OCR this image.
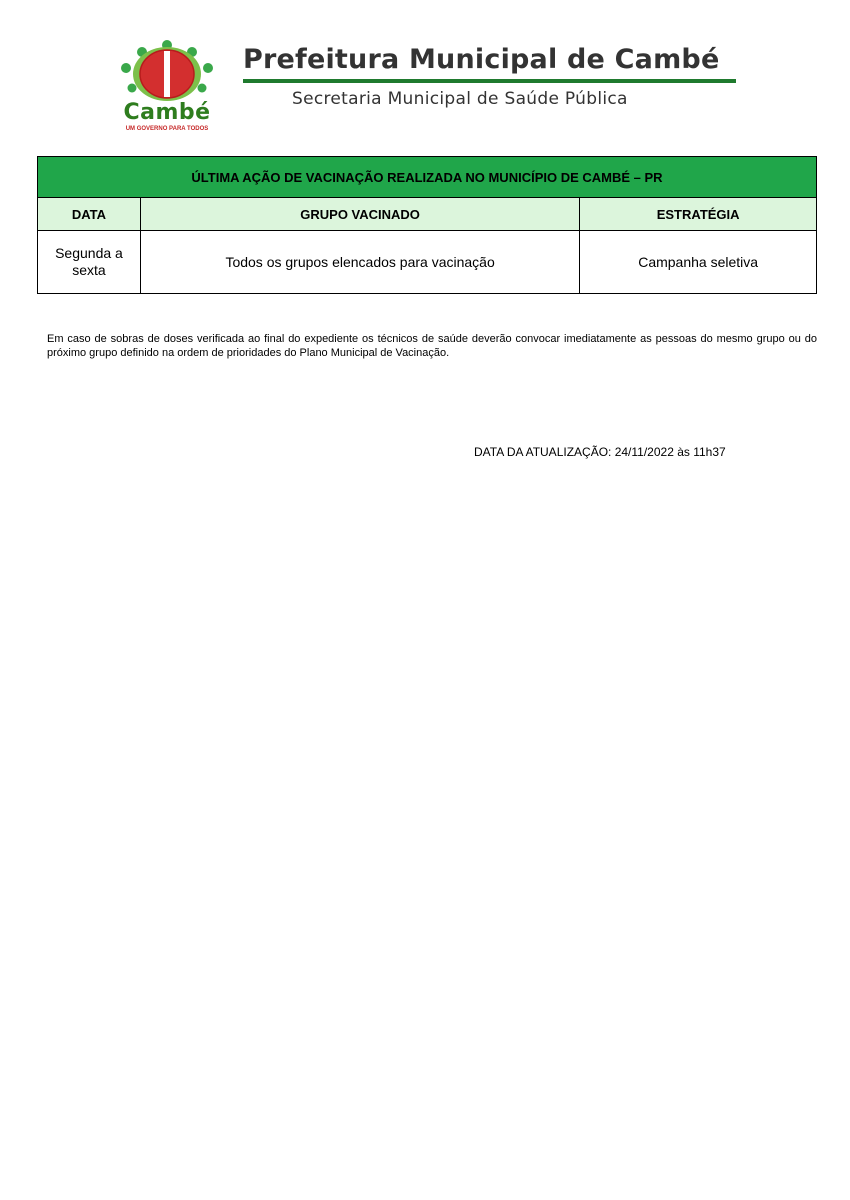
Cambé
UM GOVERNO PARA TODOS
Prefeitura Municipal de Cambé
Secretaria Municipal de Saúde Pública
ÚLTIMA AÇÃO DE VACINAÇÃO REALIZADA NO MUNICÍPIO DE CAMBÉ – PR		
DATA	GRUPO VACINADO	ESTRATÉGIA

Segunda a sexta	Todos os grupos elencados para vacinação	Campanha seletiva
Em caso de sobras de doses verificada ao final do expediente os técnicos de saúde deverão convocar imediatamente as pessoas do mesmo grupo ou do próximo grupo definido na ordem de prioridades do Plano Municipal de Vacinação.
DATA DA ATUALIZAÇÃO: 24/11/2022 às 11h37
